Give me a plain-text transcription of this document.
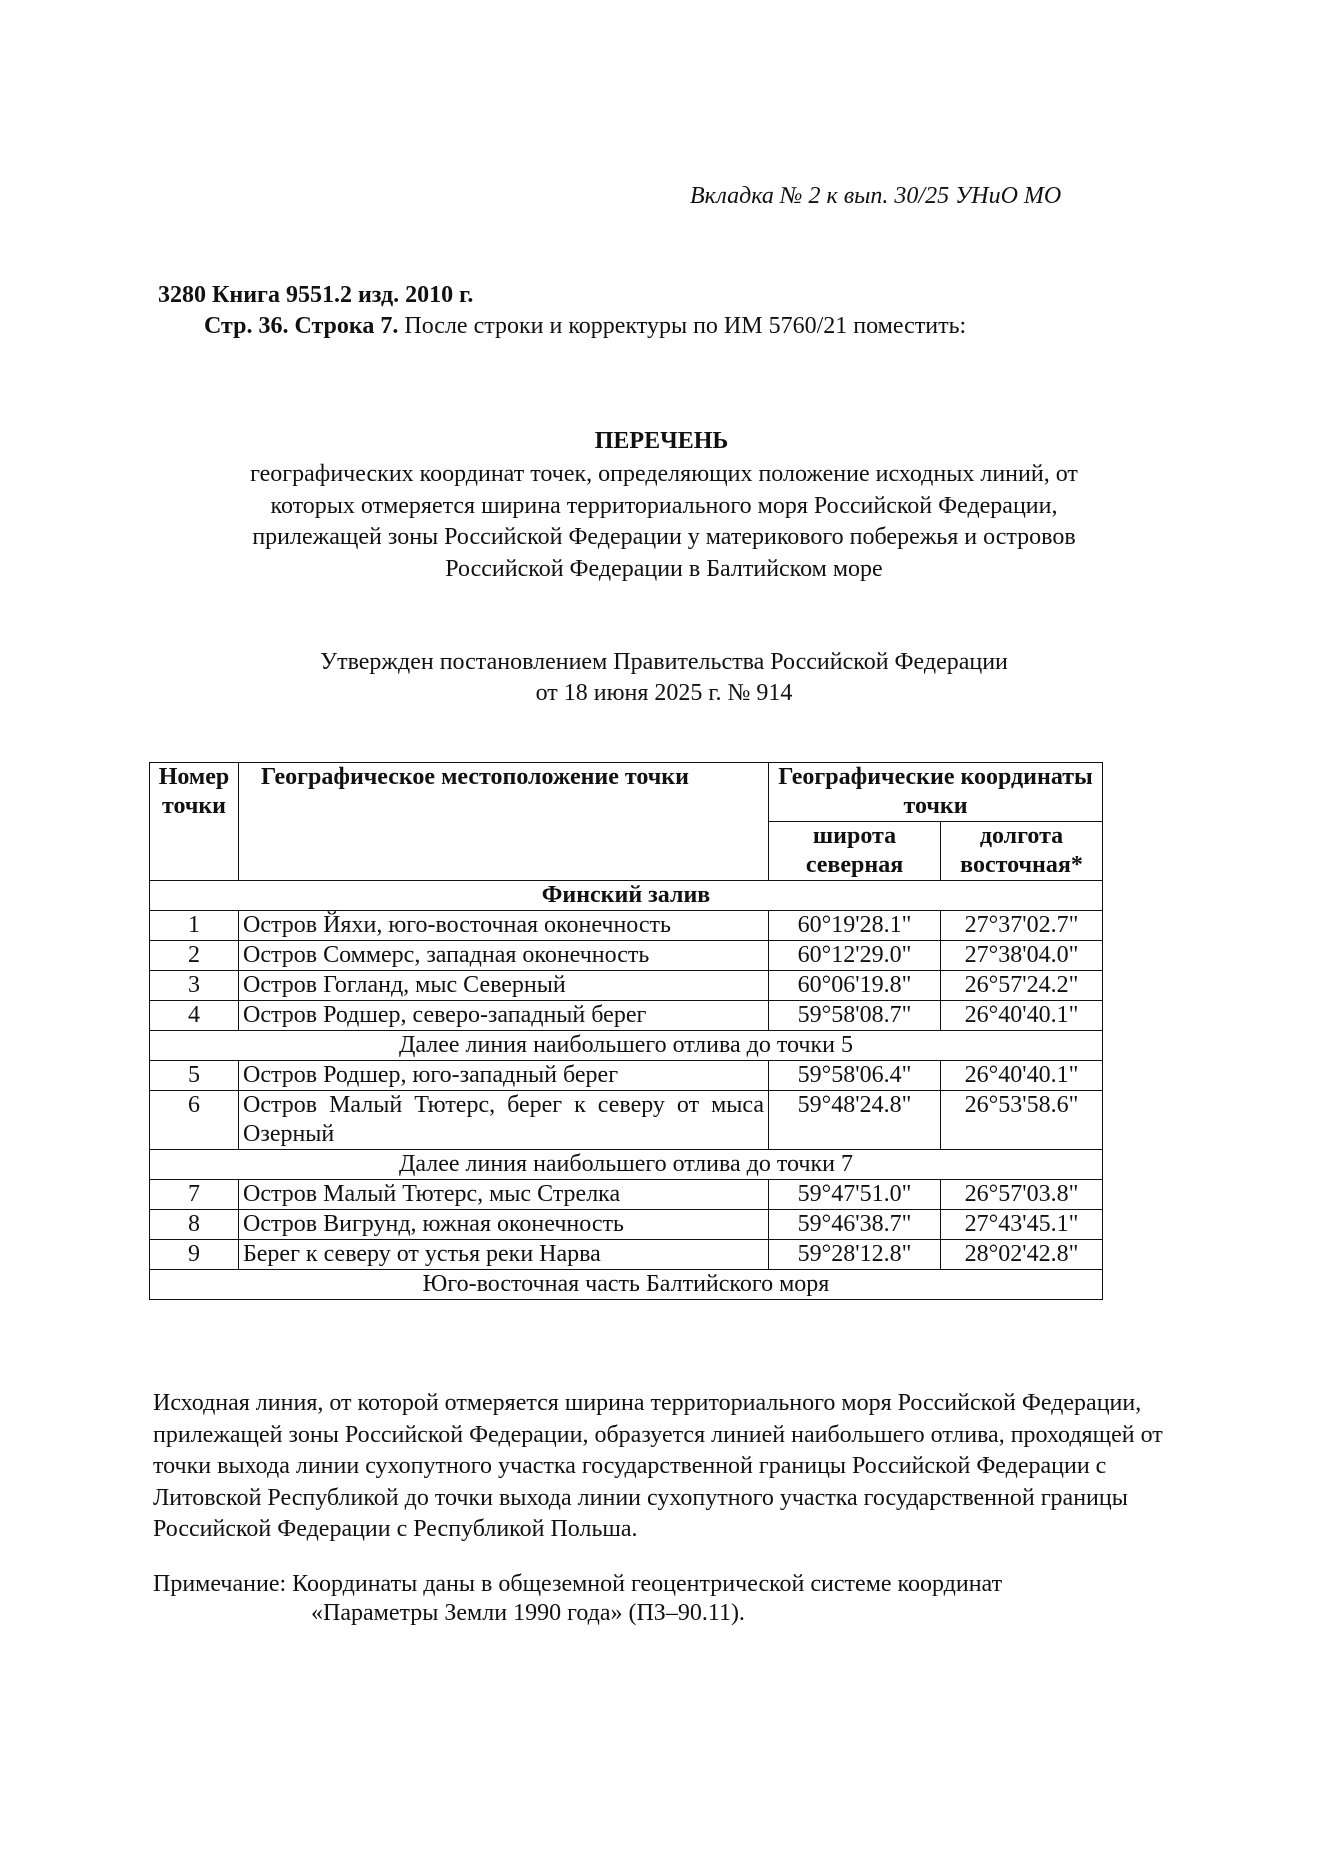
Вкладка № 2 к вып. 30/25 УНиО МО
3280 Книга 9551.2 изд. 2010 г.
Стр. 36. Строка 7. После строки и корректуры по ИМ 5760/21 поместить:
ПЕРЕЧЕНЬ
географических координат точек, определяющих положение исходных линий, от
которых отмеряется ширина территориального моря Российской Федерации,
прилежащей зоны Российской Федерации у материкового побережья и островов
Российской Федерации в Балтийском море
Утвержден постановлением Правительства Российской Федерации
от 18 июня 2025 г. № 914
Номер точки	Географическое местоположение точки	Географические координаты точки	
		широта северная	долгота восточная*
Финский залив			
1	Остров Йяхи, юго-восточная оконечность	60°19'28.1"	27°37'02.7"
2	Остров Соммерс, западная оконечность	60°12'29.0"	27°38'04.0"
3	Остров Гогланд, мыс Северный	60°06'19.8"	26°57'24.2"
4	Остров Родшер, северо-западный берег	59°58'08.7"	26°40'40.1"
Далее линия наибольшего отлива до точки 5			
5	Остров Родшер, юго-западный берег	59°58'06.4"	26°40'40.1"
6	Остров Малый Тютерс, берег к северу от мыса Озерный	59°48'24.8"	26°53'58.6"
Далее линия наибольшего отлива до точки 7			
7	Остров Малый Тютерс, мыс Стрелка	59°47'51.0"	26°57'03.8"
8	Остров Вигрунд, южная оконечность	59°46'38.7"	27°43'45.1"
9	Берег к северу от устья реки Нарва	59°28'12.8"	28°02'42.8"
Юго-восточная часть Балтийского моря			
Исходная линия, от которой отмеряется ширина территориального моря Российской Федерации, прилежащей зоны Российской Федерации, образуется линией наибольшего отлива, проходящей от точки выхода линии сухопутного участка государственной границы Российской Федерации с Литовской Республикой до точки выхода линии сухопутного участка государственной границы Российской Федерации с Республикой Польша.
Примечание: Координаты даны в общеземной геоцентрической системе координат
«Параметры Земли 1990 года» (ПЗ–90.11).
